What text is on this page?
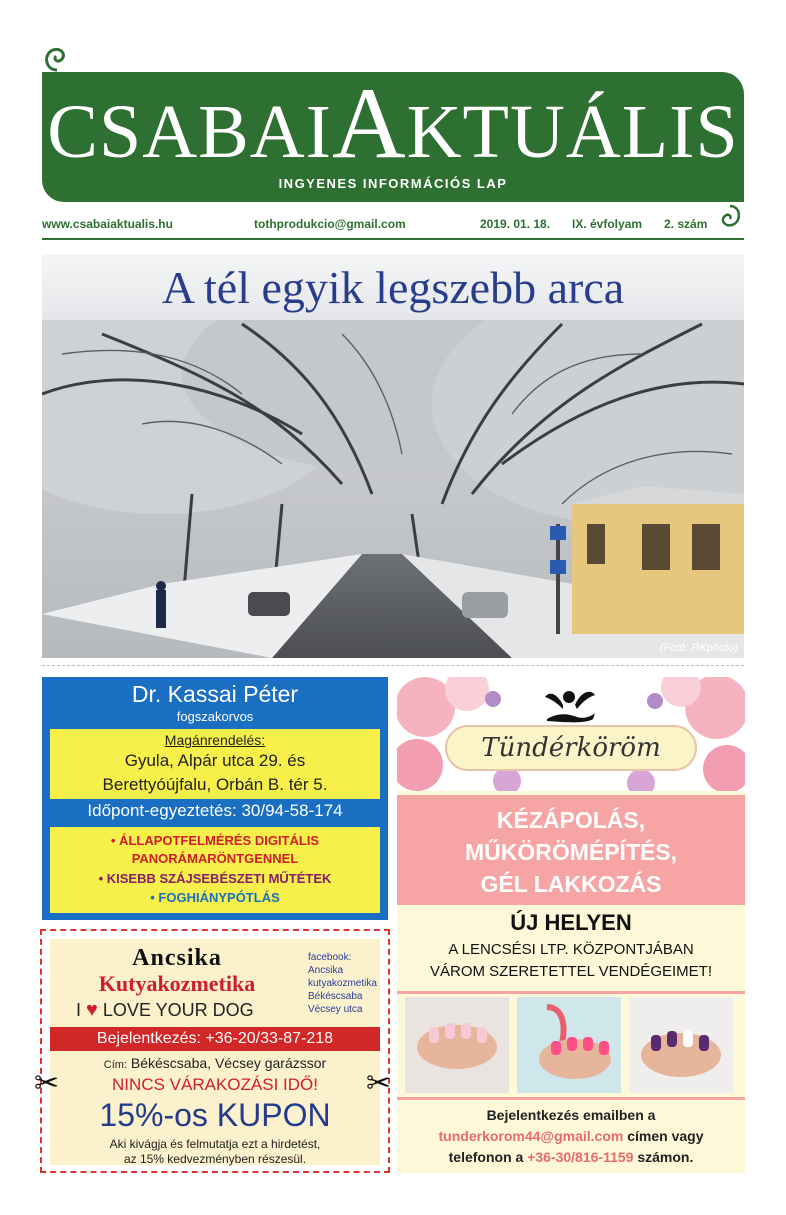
CSABAIAKTUÁLIS
INGYENES INFORMÁCIÓS LAP
www.csabaiaktualis.hu	tothprodukcio@gmail.com	2019. 01. 18. IX. évfolyam 2. szám
A tél egyik legszebb arca
(Fotó: RKphoto)
Dr. Kassai Péter
fogszakorvos
Magánrendelés:
Gyula, Alpár utca 29. és
Berettyóújfalu, Orbán B. tér 5.
Időpont-egyeztetés: 30/94-58-174
• ÁLLAPOTFELMÉRÉS DIGITÁLIS
PANORÁMARÖNTGENNEL
• KISEBB SZÁJSEBÉSZETI MŰTÉTEK
• FOGHIÁNYPÓTLÁS
Ancsika
Kutyakozmetika
I ♥ LOVE YOUR DOG
facebook:
Ancsika
kutyakozmetika
Békéscsaba
Vécsey utca
Bejelentkezés: +36-20/33-87-218
Cím: Békéscsaba, Vécsey garázssor
NINCS VÁRAKOZÁSI IDŐ!
15%-os KUPON
Aki kivágja és felmutatja ezt a hirdetést,
az 15% kedvezményben részesül.
✂	✂
Tündérköröm
KÉZÁPOLÁS,
MŰKÖRÖMÉPÍTÉS,
GÉL LAKKOZÁS
ÚJ HELYEN
A LENCSÉSI LTP. KÖZPONTJÁBAN
VÁROM SZERETETTEL VENDÉGEIMET!
Bejelentkezés emailben a
tunderkorom44@gmail.com címen vagy
telefonon a +36-30/816-1159 számon.
